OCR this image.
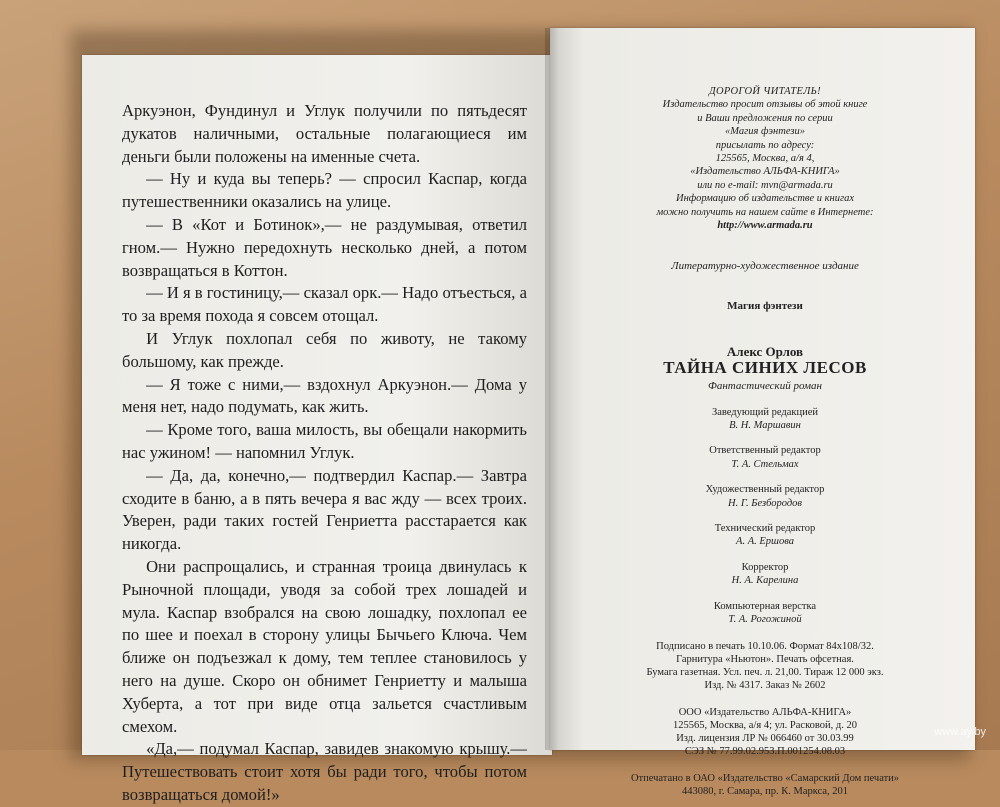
Аркуэнон, Фундинул и Углук получили по пятьдесят дукатов наличными, остальные полагающиеся им деньги были положены на именные счета.

— Ну и куда вы теперь? — спросил Каспар, когда путешественники оказались на улице.

— В «Кот и Ботинок»,— не раздумывая, ответил гном.— Нужно передохнуть несколько дней, а потом возвращаться в Коттон.

— И я в гостиницу,— сказал орк.— Надо отъесться, а то за время похода я совсем отощал.

И Углук похлопал себя по животу, не такому большому, как прежде.

— Я тоже с ними,— вздохнул Аркуэнон.— Дома у меня нет, надо подумать, как жить.

— Кроме того, ваша милость, вы обещали накормить нас ужином! — напомнил Углук.

— Да, да, конечно,— подтвердил Каспар.— Завтра сходите в баню, а в пять вечера я вас жду — всех троих. Уверен, ради таких гостей Генриетта расстарается как никогда.

Они распрощались, и странная троица двинулась к Рыночной площади, уводя за собой трех лошадей и мула. Каспар взобрался на свою лошадку, похлопал ее по шее и поехал в сторону улицы Бычьего Ключа. Чем ближе он подъезжал к дому, тем теплее становилось у него на душе. Скоро он обнимет Генриетту и малыша Хуберта, а тот при виде отца зальется счастливым смехом.

«Да,— подумал Каспар, завидев знакомую крышу.— Путешествовать стоит хотя бы ради того, чтобы потом возвращаться домой!»

ДОРОГОЙ ЧИТАТЕЛЬ!
Издательство просит отзывы об этой книге
и Ваши предложения по серии
«Магия фэнтези»
присылать по адресу:
125565, Москва, а/я 4,
«Издательство АЛЬФА-КНИГА»
или по e-mail: mvn@armada.ru
Информацию об издательстве и книгах
можно получить на нашем сайте в Интернете:
http://www.armada.ru
Литературно-художественное издание
Магия фэнтези
Алекс Орлов
ТАЙНА СИНИХ ЛЕСОВ
Фантастический роман
Заведующий редакцией
В. Н. Маршавин
Ответственный редактор
Т. А. Стельмах
Художественный редактор
Н. Г. Безбородов
Технический редактор
А. А. Ершова
Корректор
Н. А. Карелина
Компьютерная верстка
Т. А. Рогожиной
Подписано в печать 10.10.06. Формат 84x108/32.
Гарнитура «Ньютон». Печать офсетная.
Бумага газетная. Усл. печ. л. 21,00. Тираж 12 000 экз.
Изд. № 4317. Заказ № 2602
ООО «Издательство АЛЬФА-КНИГА»
125565, Москва, а/я 4; ул. Расковой, д. 20
Изд. лицензия ЛР № 066460 от 30.03.99
СЭЗ № 77.99.02.953.П.001254.08.03
Отпечатано в ОАО «Издательство «Самарский Дом печати»
443080, г. Самара, пр. К. Маркса, 201
www.ay.by
